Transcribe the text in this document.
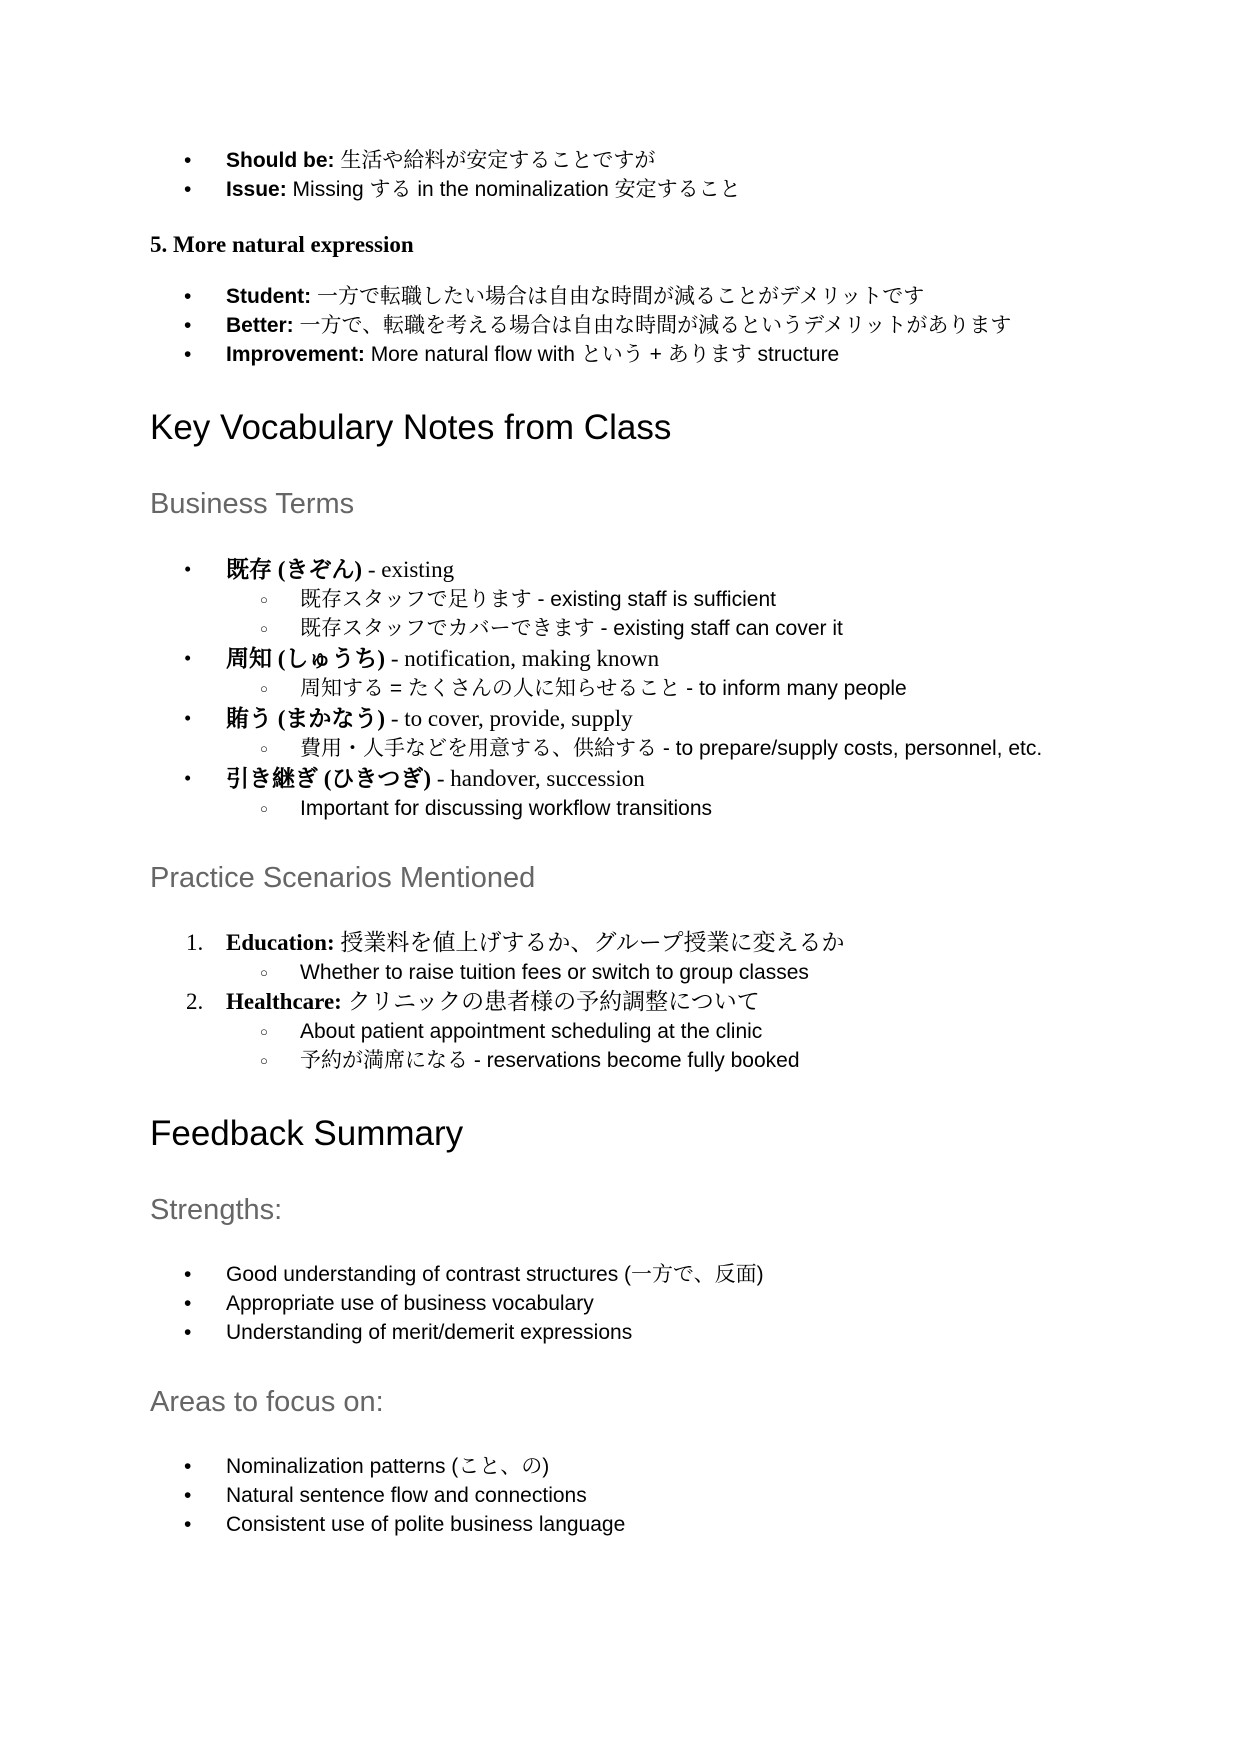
• Should be: 生活や給料が安定することですが
• Issue: Missing する in the nominalization 安定すること
5. More natural expression
• Student: 一方で転職したい場合は自由な時間が減ることがデメリットです
• Better: 一方で、転職を考える場合は自由な時間が減るというデメリットがあります
• Improvement: More natural flow with という + あります structure
Key Vocabulary Notes from Class
Business Terms
• 既存 (きぞん) - existing
○ 既存スタッフで足ります - existing staff is sufficient
○ 既存スタッフでカバーできます - existing staff can cover it
• 周知 (しゅうち) - notification, making known
○ 周知する = たくさんの人に知らせること - to inform many people
• 賄う (まかなう) - to cover, provide, supply
○ 費用・人手などを用意する、供給する - to prepare/supply costs, personnel, etc.
• 引き継ぎ (ひきつぎ) - handover, succession
○ Important for discussing workflow transitions
Practice Scenarios Mentioned
1. Education: 授業料を値上げするか、グループ授業に変えるか
○ Whether to raise tuition fees or switch to group classes
2. Healthcare: クリニックの患者様の予約調整について
○ About patient appointment scheduling at the clinic
○ 予約が満席になる - reservations become fully booked
Feedback Summary
Strengths:
• Good understanding of contrast structures (一方で、反面)
• Appropriate use of business vocabulary
• Understanding of merit/demerit expressions
Areas to focus on:
• Nominalization patterns (こと、の)
• Natural sentence flow and connections
• Consistent use of polite business language
